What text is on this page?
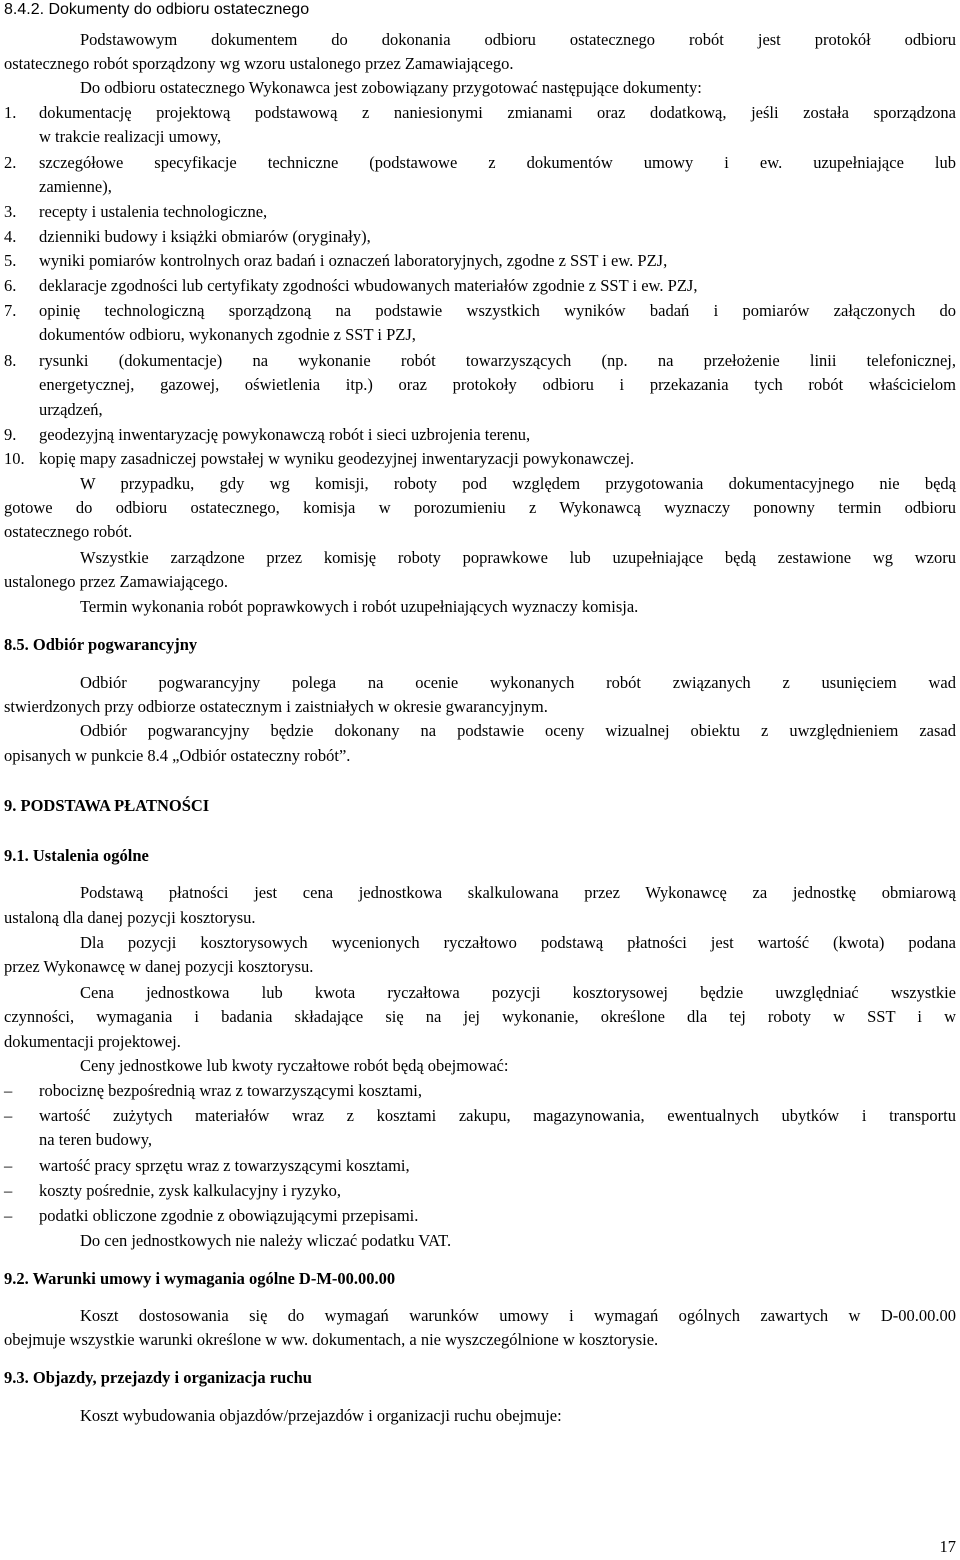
8.4.2. Dokumenty do odbioru ostatecznego
Podstawowym dokumentem do dokonania odbioru ostatecznego robót jest protokół odbioru
ostatecznego robót sporządzony wg wzoru ustalonego przez Zamawiającego.
Do odbioru ostatecznego Wykonawca jest zobowiązany przygotować następujące dokumenty:
1. dokumentację projektową podstawową z naniesionymi zmianami oraz dodatkową, jeśli została sporządzona
w trakcie realizacji umowy,
2. szczegółowe specyfikacje techniczne (podstawowe z dokumentów umowy i ew. uzupełniające lub
zamienne),
3. recepty i ustalenia technologiczne,
4. dzienniki budowy i książki obmiarów (oryginały),
5. wyniki pomiarów kontrolnych oraz badań i oznaczeń laboratoryjnych, zgodne z SST i ew. PZJ,
6. deklaracje zgodności lub certyfikaty zgodności wbudowanych materiałów zgodnie z SST i ew. PZJ,
7. opinię technologiczną sporządzoną na podstawie wszystkich wyników badań i pomiarów załączonych do
dokumentów odbioru, wykonanych zgodnie z SST i PZJ,
8. rysunki (dokumentacje) na wykonanie robót towarzyszących (np. na przełożenie linii telefonicznej,
energetycznej, gazowej, oświetlenia itp.) oraz protokoły odbioru i przekazania tych robót właścicielom
urządzeń,
9. geodezyjną inwentaryzację powykonawczą robót i sieci uzbrojenia terenu,
10. kopię mapy zasadniczej powstałej w wyniku geodezyjnej inwentaryzacji powykonawczej.
W przypadku, gdy wg komisji, roboty pod względem przygotowania dokumentacyjnego nie będą
gotowe do odbioru ostatecznego, komisja w porozumieniu z Wykonawcą wyznaczy ponowny termin odbioru
ostatecznego robót.
Wszystkie zarządzone przez komisję roboty poprawkowe lub uzupełniające będą zestawione wg wzoru
ustalonego przez Zamawiającego.
Termin wykonania robót poprawkowych i robót uzupełniających wyznaczy komisja.
8.5. Odbiór pogwarancyjny
Odbiór pogwarancyjny polega na ocenie wykonanych robót związanych z usunięciem wad
stwierdzonych przy odbiorze ostatecznym i zaistniałych w okresie gwarancyjnym.
Odbiór pogwarancyjny będzie dokonany na podstawie oceny wizualnej obiektu z uwzględnieniem zasad
opisanych w punkcie 8.4 „Odbiór ostateczny robót”.
9. PODSTAWA PŁATNOŚCI
9.1. Ustalenia ogólne
Podstawą płatności jest cena jednostkowa skalkulowana przez Wykonawcę za jednostkę obmiarową
ustaloną dla danej pozycji kosztorysu.
Dla pozycji kosztorysowych wycenionych ryczałtowo podstawą płatności jest wartość (kwota) podana
przez Wykonawcę w danej pozycji kosztorysu.
Cena jednostkowa lub kwota ryczałtowa pozycji kosztorysowej będzie uwzględniać wszystkie
czynności, wymagania i badania składające się na jej wykonanie, określone dla tej roboty w SST i w
dokumentacji projektowej.
Ceny jednostkowe lub kwoty ryczałtowe robót będą obejmować:
– robociznę bezpośrednią wraz z towarzyszącymi kosztami,
– wartość zużytych materiałów wraz z kosztami zakupu, magazynowania, ewentualnych ubytków i transportu
na teren budowy,
– wartość pracy sprzętu wraz z towarzyszącymi kosztami,
– koszty pośrednie, zysk kalkulacyjny i ryzyko,
– podatki obliczone zgodnie z obowiązującymi przepisami.
Do cen jednostkowych nie należy wliczać podatku VAT.
9.2. Warunki umowy i wymagania ogólne D-M-00.00.00
Koszt dostosowania się do wymagań warunków umowy i wymagań ogólnych zawartych w D-00.00.00
obejmuje wszystkie warunki określone w ww. dokumentach, a nie wyszczególnione w kosztorysie.
9.3. Objazdy, przejazdy i organizacja ruchu
Koszt wybudowania objazdów/przejazdów i organizacji ruchu obejmuje:
17
